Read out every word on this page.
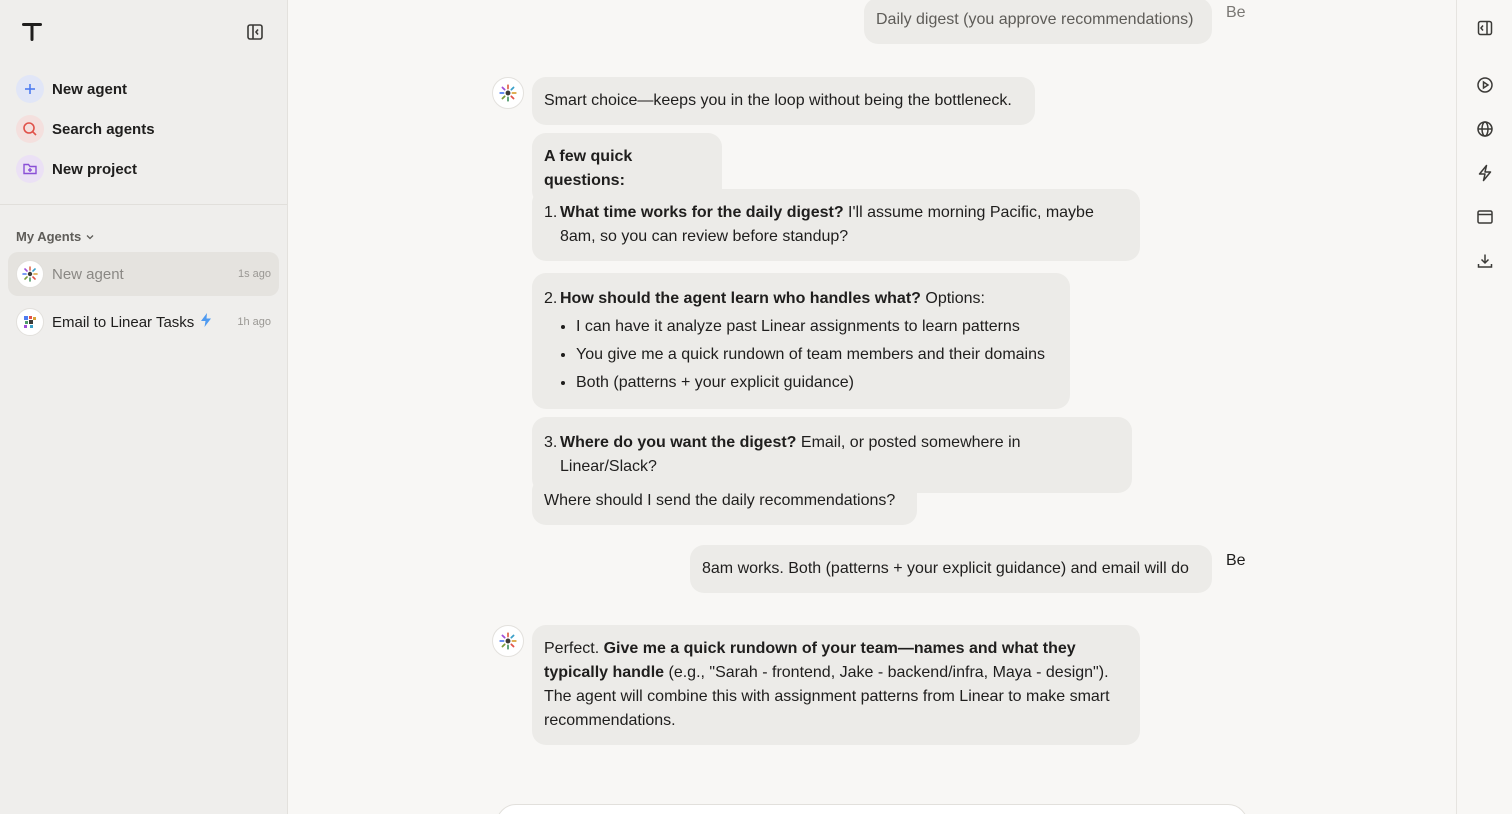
New agent
Search agents
New project
My Agents
New agent	1s ago
Email to Linear Tasks	1h ago
Daily digest (you approve recommendations)	Be
Smart choice—keeps you in the loop without being the bottleneck.
A few quick questions:
1. What time works for the daily digest? I'll assume morning Pacific, maybe 8am, so you can review before standup?
2. How should the agent learn who handles what? Options:
• I can have it analyze past Linear assignments to learn patterns
• You give me a quick rundown of team members and their domains
• Both (patterns + your explicit guidance)
3. Where do you want the digest? Email, or posted somewhere in Linear/Slack?
Where should I send the daily recommendations?
8am works. Both (patterns + your explicit guidance) and email will do	Be
Perfect. Give me a quick rundown of your team—names and what they typically handle (e.g., "Sarah - frontend, Jake - backend/infra, Maya - design"). The agent will combine this with assignment patterns from Linear to make smart recommendations.
